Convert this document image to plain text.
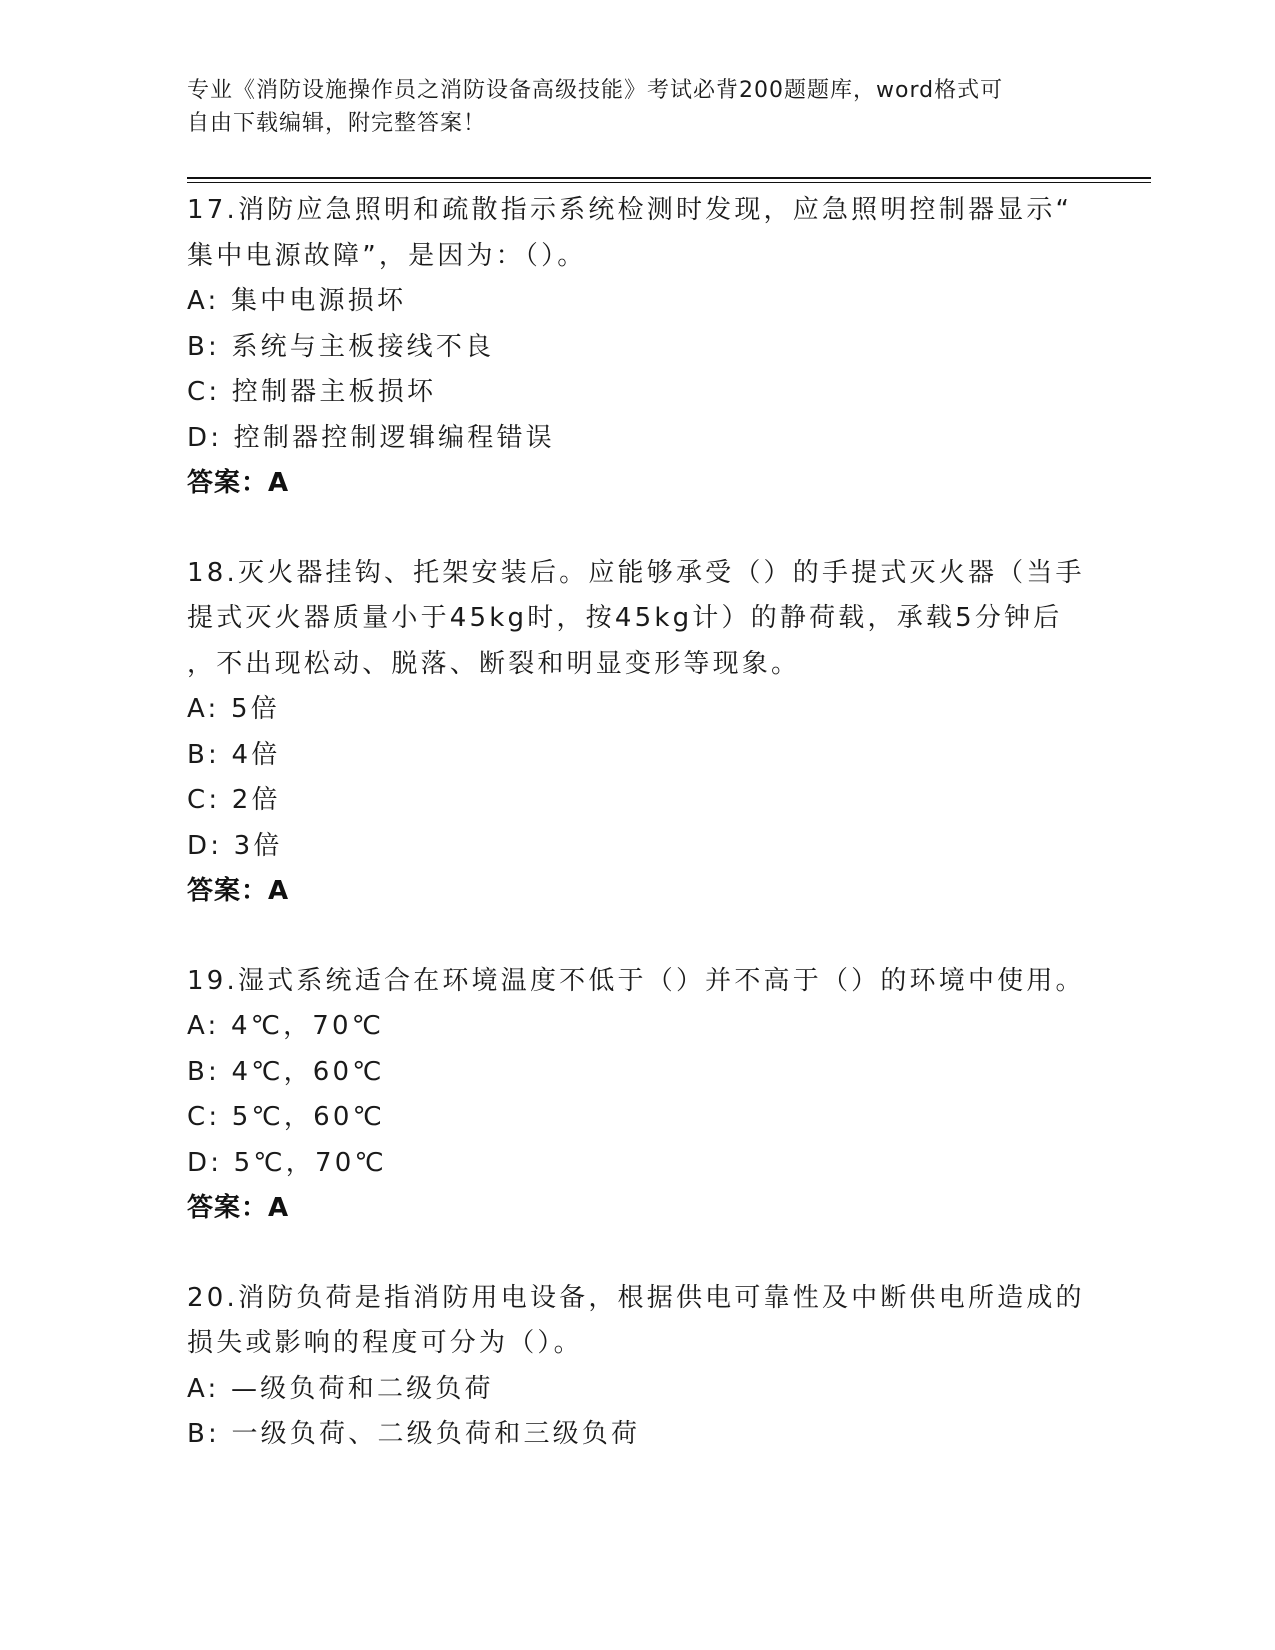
专业《消防设施操作员之消防设备高级技能》考试必背200题题库，word格式可
自由下载编辑，附完整答案！
17.消防应急照明和疏散指示系统检测时发现，应急照明控制器显示“
集中电源故障”，是因为：（）。
A: 集中电源损坏
B: 系统与主板接线不良
C: 控制器主板损坏
D: 控制器控制逻辑编程错误
答案：A
18.灭火器挂钩、托架安装后。应能够承受（）的手提式灭火器（当手
提式灭火器质量小于45kg时，按45kg计）的静荷载，承载5分钟后
，不出现松动、脱落、断裂和明显变形等现象。
A: 5倍
B: 4倍
C: 2倍
D: 3倍
答案：A
19.湿式系统适合在环境温度不低于（）并不高于（）的环境中使用。
A: 4℃，70℃
B: 4℃，60℃
C: 5℃，60℃
D: 5℃，70℃
答案：A
20.消防负荷是指消防用电设备，根据供电可靠性及中断供电所造成的
损失或影响的程度可分为（）。
A: —级负荷和二级负荷
B: 一级负荷、二级负荷和三级负荷
